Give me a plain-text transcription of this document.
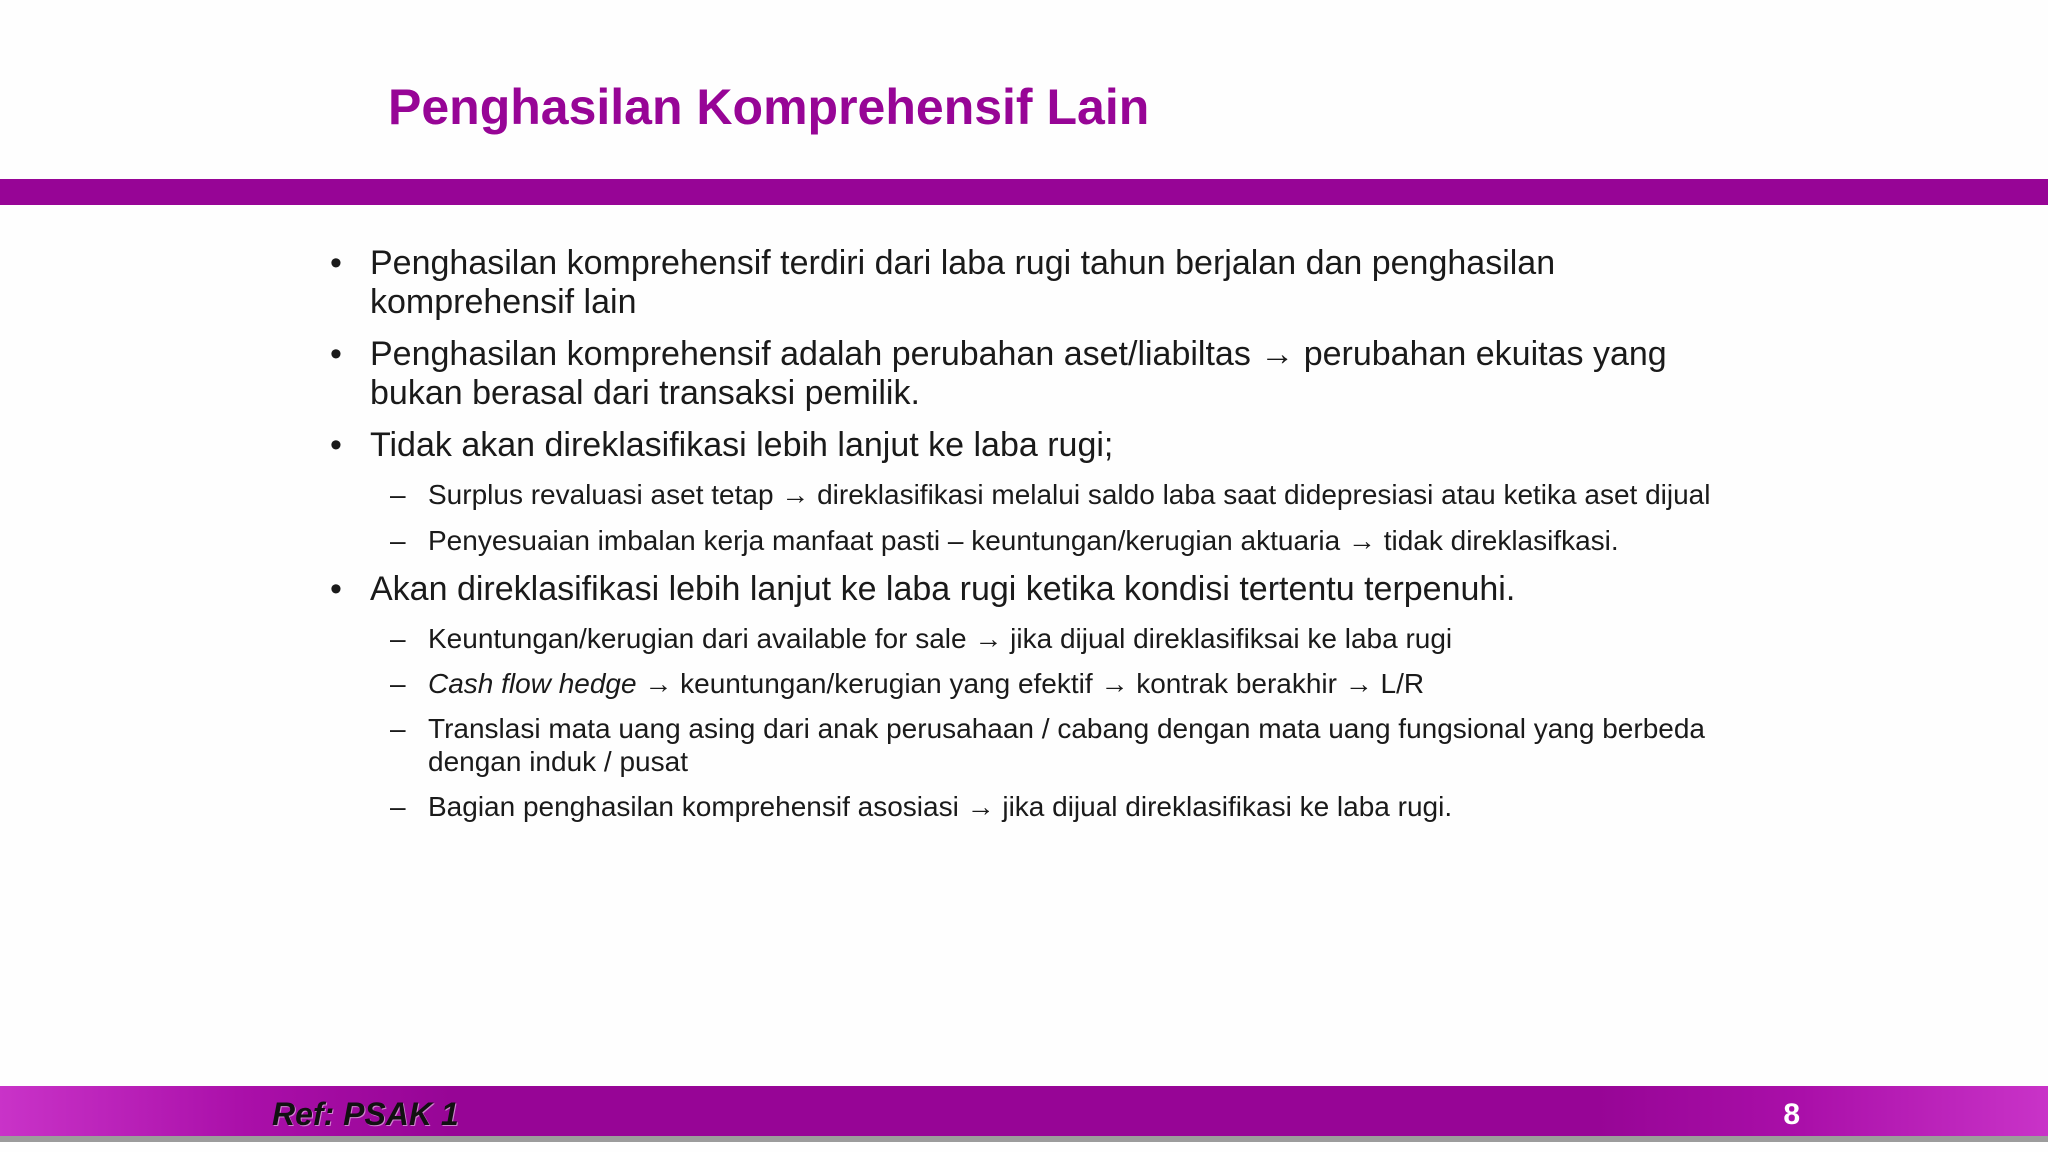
Penghasilan Komprehensif Lain
• Penghasilan komprehensif terdiri dari laba rugi tahun berjalan dan penghasilan komprehensif lain
• Penghasilan komprehensif adalah perubahan aset/liabiltas → perubahan ekuitas yang bukan berasal dari transaksi pemilik.
• Tidak akan direklasifikasi lebih lanjut ke laba rugi;
– Surplus revaluasi aset tetap → direklasifikasi melalui saldo laba saat didepresiasi atau ketika aset dijual
– Penyesuaian imbalan kerja manfaat pasti – keuntungan/kerugian aktuaria → tidak direklasifkasi.
• Akan direklasifikasi lebih lanjut ke laba rugi ketika kondisi tertentu terpenuhi.
– Keuntungan/kerugian dari available for sale → jika dijual direklasifiksai ke laba rugi
– Cash flow hedge → keuntungan/kerugian yang efektif → kontrak berakhir → L/R
– Translasi mata uang asing dari anak perusahaan / cabang dengan mata uang fungsional yang berbeda dengan induk / pusat
– Bagian penghasilan komprehensif asosiasi → jika dijual direklasifikasi ke laba rugi.
Ref: PSAK 1	8
